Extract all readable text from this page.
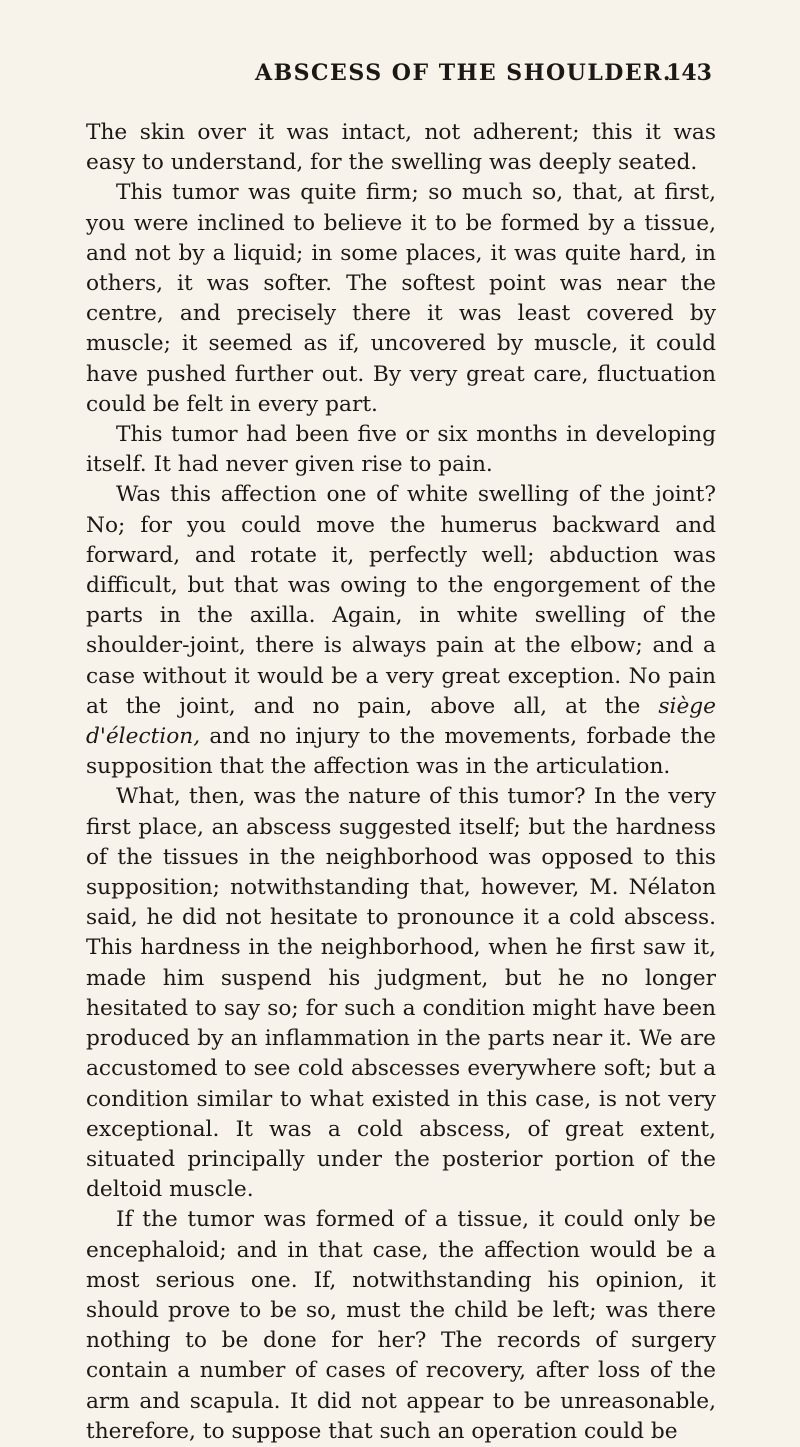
ABSCESS OF THE SHOULDER.
143

The skin over it was intact, not adherent; this it was easy to understand, for the swelling was deeply seated.

This tumor was quite firm; so much so, that, at first, you were inclined to believe it to be formed by a tissue, and not by a liquid; in some places, it was quite hard, in others, it was softer. The softest point was near the centre, and precisely there it was least covered by muscle; it seemed as if, uncovered by muscle, it could have pushed further out. By very great care, fluctuation could be felt in every part.

This tumor had been five or six months in developing itself. It had never given rise to pain.

Was this affection one of white swelling of the joint? No; for you could move the humerus backward and forward, and rotate it, perfectly well; abduction was difficult, but that was owing to the engorgement of the parts in the axilla. Again, in white swelling of the shoulder-joint, there is always pain at the elbow; and a case without it would be a very great exception. No pain at the joint, and no pain, above all, at the siège d'élection, and no injury to the movements, forbade the supposition that the affection was in the articulation.

What, then, was the nature of this tumor? In the very first place, an abscess suggested itself; but the hardness of the tissues in the neighborhood was opposed to this supposition; notwithstanding that, however, M. Nélaton said, he did not hesitate to pronounce it a cold abscess. This hardness in the neighborhood, when he first saw it, made him suspend his judgment, but he no longer hesitated to say so; for such a condition might have been produced by an inflammation in the parts near it. We are accustomed to see cold abscesses everywhere soft; but a condition similar to what existed in this case, is not very exceptional. It was a cold abscess, of great extent, situated principally under the posterior portion of the deltoid muscle.

If the tumor was formed of a tissue, it could only be encephaloid; and in that case, the affection would be a most serious one. If, notwithstanding his opinion, it should prove to be so, must the child be left; was there nothing to be done for her? The records of surgery contain a number of cases of recovery, after loss of the arm and scapula. It did not appear to be unreasonable, therefore, to suppose that such an operation could be
